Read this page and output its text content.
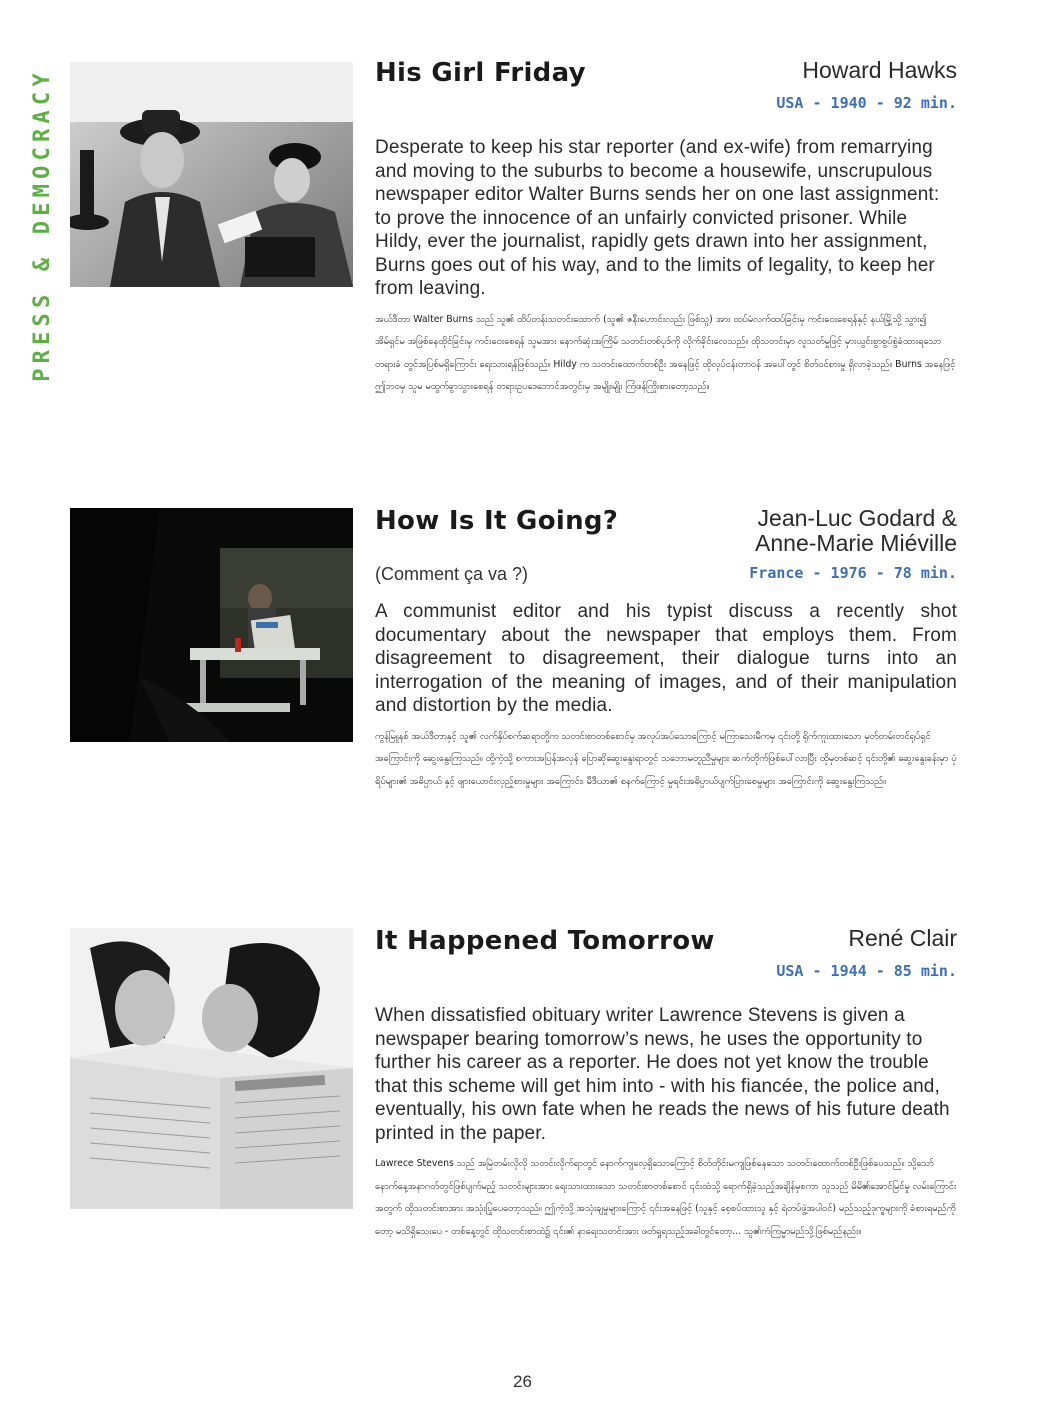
PRESS & DEMOCRACY	His Girl Friday	Howard Hawks
USA - 1940 - 92 min.

Desperate to keep his star reporter (and ex-wife) from remarrying and moving to the suburbs to become a housewife, unscrupulous newspaper editor Walter Burns sends her on one last assignment: to prove the innocence of an unfairly convicted prisoner. While Hildy, ever the journalist, rapidly gets drawn into her assignment, Burns goes out of his way, and to the limits of legality, to keep her from leaving.

အယ်ဒီတာ Walter Burns သည် သူ၏ ထိပ်တန်းသတင်းထောက် (သူ၏ ဇနီးဟောင်းလည်း ဖြစ်သူ) အား ထပ်မံလက်ထပ်ခြင်းမှ ကင်းဝေးစေရန်နှင့် နယ်မြို့သို့ သွား၍ အိမ်ရှင်မ အဖြစ်နေထိုင်ခြင်းမှ ကင်းဝေးစေရန် သူမအား နောက်ဆုံးအကြိမ် သတင်းတစ်ပုဒ်ကို လိုက်ခိုင်းလေသည်။ ထိုသတင်းမှာ လူသတ်မှုဖြင့် မှားယွင်းစွာစွပ်စွဲခံထားရသော တရားခံ တွင်အပြစ်မရှိကြောင်း ရေးသားရန်ဖြစ်သည်။ Hildy က သတင်းထောက်တစ်ဦး အနေဖြင့် ထိုလုပ်ငန်းတာဝန် အပေါ်တွင် စိတ်ဝင်စားမှု ရှိလာခဲ့သည်။ Burns အနေဖြင့် ဤဘဝမှ သူမ မထွက်ခွာသွားစေရန် တရားဥပဒေဘောင်အတွင်းမှ အမျိုးမျိုး ကြံဖန်ကြိုးစားတော့သည်။

How Is It Going?	Jean-Luc Godard &
Anne-Marie Miéville
(Comment ça va ?)	France - 1976 - 78 min.

A communist editor and his typist discuss a recently shot documentary about the newspaper that employs them. From disagreement to disagreement, their dialogue turns into an interrogation of the meaning of images, and of their manipulation and distortion by the media.

ကွန်မြူနစ် အယ်ဒီတာနှင့် သူ၏ လက်နှိပ်စက်ဆရာတို့က သတင်းစာတစ်စောင်မှ အလုပ်အပ်သောကြောင့် မကြာသေးမီကမှ ၎င်းတို့ ရိုက်ကူးထားသော မှတ်တမ်းတင်ရုပ်ရှင်အကြောင်းကို ဆွေးနွေးကြသည်။ ထို့ကဲ့သို့ စကားအပြန်အလှန် ပြောဆိုဆွေးနွေးရာတွင် သဘောမတူညီမှုများ ဆက်တိုက်ဖြစ်ပေါ်လာပြီး ထိုမှတစ်ဆင့် ၎င်းတို့၏ ဆွေးနွေးခန်းမှာ ပုံရိပ်များ၏ အဓိပ္ပာယ် နှင့် ဖျားယောင်းလှည့်စားမှုများ အကြောင်း၊ မီဒီယာ၏ စနက်ကြောင့် မှုရင်းအဓိပ္ပာယ်ပျက်ပြားစေမှုများ အကြောင်းကို ဆွေးနွေးကြသည်။

It Happened Tomorrow	René Clair
USA - 1944 - 85 min.

When dissatisfied obituary writer Lawrence Stevens is given a newspaper bearing tomorrow’s news, he uses the opportunity to further his career as a reporter. He does not yet know the trouble that this scheme will get him into - with his fiancée, the police and, eventually, his own fate when he reads the news of his future death printed in the paper.

Lawrece Stevens သည် အမြဲတမ်းလိုလို သတင်းလိုက်ရာတွင် နောက်ကျလေ့ရှိသောကြောင့် စိတ်တိုင်းမကျဖြစ်နေသော သတင်းထောက်တစ်ဦးဖြစ်ပေသည်။ သို့သော် နောက်နေ့အနာဂတ်တွင်ဖြစ်ပျက်မည့် သတင်းများအား ရေးသားထားသော သတင်းစာတစ်စောင် ၎င်းထံသို့ ရောက်ရှိခဲ့သည့်အချိန်မှစကာ သူသည် မိမိ၏အောင်မြင်မှု လမ်းကြောင်းအတွက် ထိုသတင်းစာအား အသုံးပြုပေတော့သည်။ ဤကဲ့သို့ အသုံးချမှုများကြောင့် ၎င်းအနေဖြင့် (သူနှင့် စေ့စပ်ထားသူ နှင့် ရဲတပ်ဖွဲ့အပါဝင်) မည်သည့်ဒုက္ခများကို ခံစားရမည်ကိုတော့ မသိရှိသေးပေ - တစ်နေ့တွင် ထိုသတင်းစာထဲ၌ ၎င်း၏ နာရေးသတင်းအား ဖတ်ရှုရသည့်အခါတွင်တော့... သူ၏ကံကြမ္မာမည်သို့ဖြစ်မည်နည်း။

26
